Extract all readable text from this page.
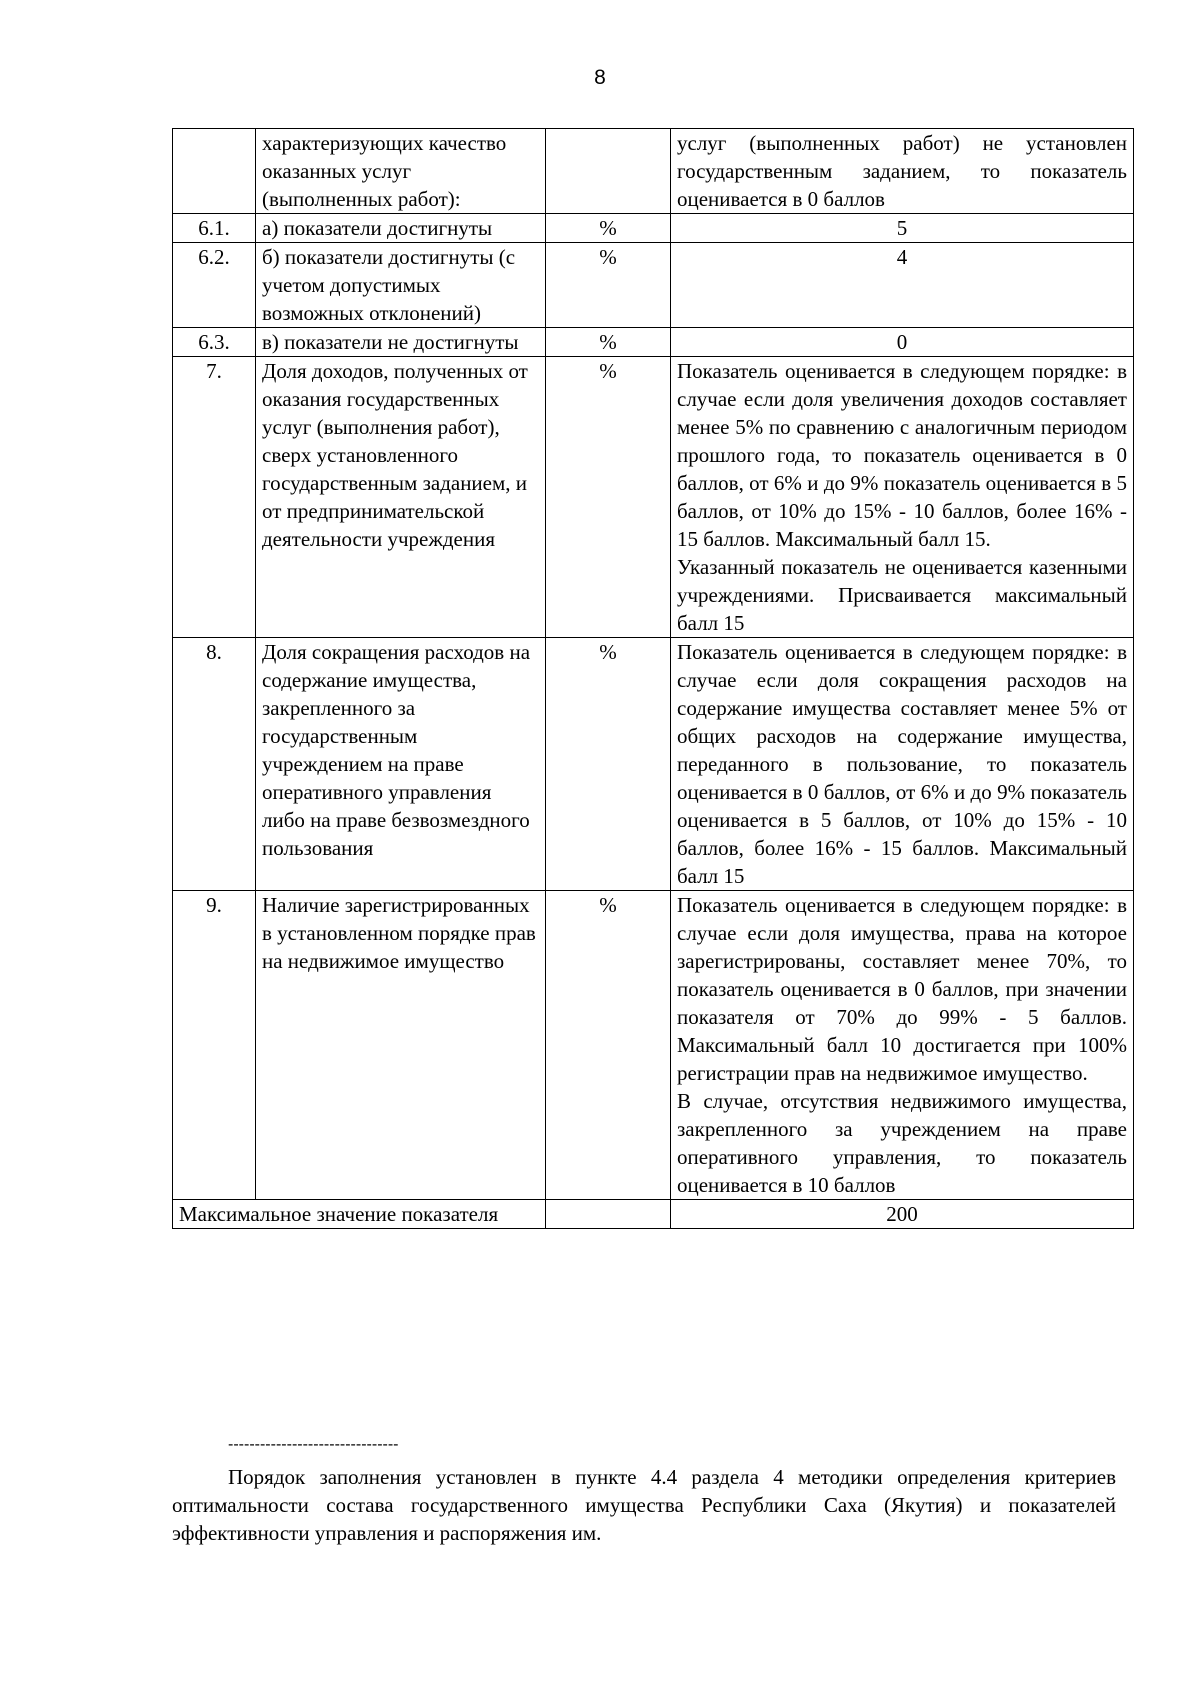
8
	характеризующих качество оказанных услуг (выполненных работ):		услуг (выполненных работ) не установлен государственным заданием, то показатель оценивается в 0 баллов
6.1.	а) показатели достигнуты	%	5
6.2.	б) показатели достигнуты (с учетом допустимых возможных отклонений)	%	4
6.3.	в) показатели не достигнуты	%	0
7.	Доля доходов, полученных от оказания государственных услуг (выполнения работ), сверх установленного государственным заданием, и от предпринимательской деятельности учреждения	%	Показатель оценивается в следующем порядке: в случае если доля увеличения доходов составляет менее 5% по сравнению с аналогичным периодом прошлого года, то показатель оценивается в 0 баллов, от 6% и до 9% показатель оценивается в 5 баллов, от 10% до 15% - 10 баллов, более 16% - 15 баллов. Максимальный балл 15.

Указанный показатель не оценивается казенными учреждениями. Присваивается максимальный балл 15

8.	Доля сокращения расходов на содержание имущества, закрепленного за государственным учреждением на праве оперативного управления либо на праве безвозмездного пользования	%	Показатель оценивается в следующем порядке: в случае если доля сокращения расходов на содержание имущества составляет менее 5% от общих расходов на содержание имущества, переданного в пользование, то показатель оценивается в 0 баллов, от 6% и до 9% показатель оценивается в 5 баллов, от 10% до 15% - 10 баллов, более 16% - 15 баллов. Максимальный балл 15
9.	Наличие зарегистрированных в установленном порядке прав на недвижимое имущество	%	Показатель оценивается в следующем порядке: в случае если доля имущества, права на которое зарегистрированы, составляет менее 70%, то показатель оценивается в 0 баллов, при значении показателя от 70% до 99% - 5 баллов. Максимальный балл 10 достигается при 100% регистрации прав на недвижимое имущество.

В случае, отсутствия недвижимого имущества, закрепленного за учреждением на праве оперативного управления, то показатель оценивается в 10 баллов

Максимальное значение показателя			200
--------------------------------

Порядок заполнения установлен в пункте 4.4 раздела 4 методики определения критериев оптимальности состава государственного имущества Республики Саха (Якутия) и показателей эффективности управления и распоряжения им.
